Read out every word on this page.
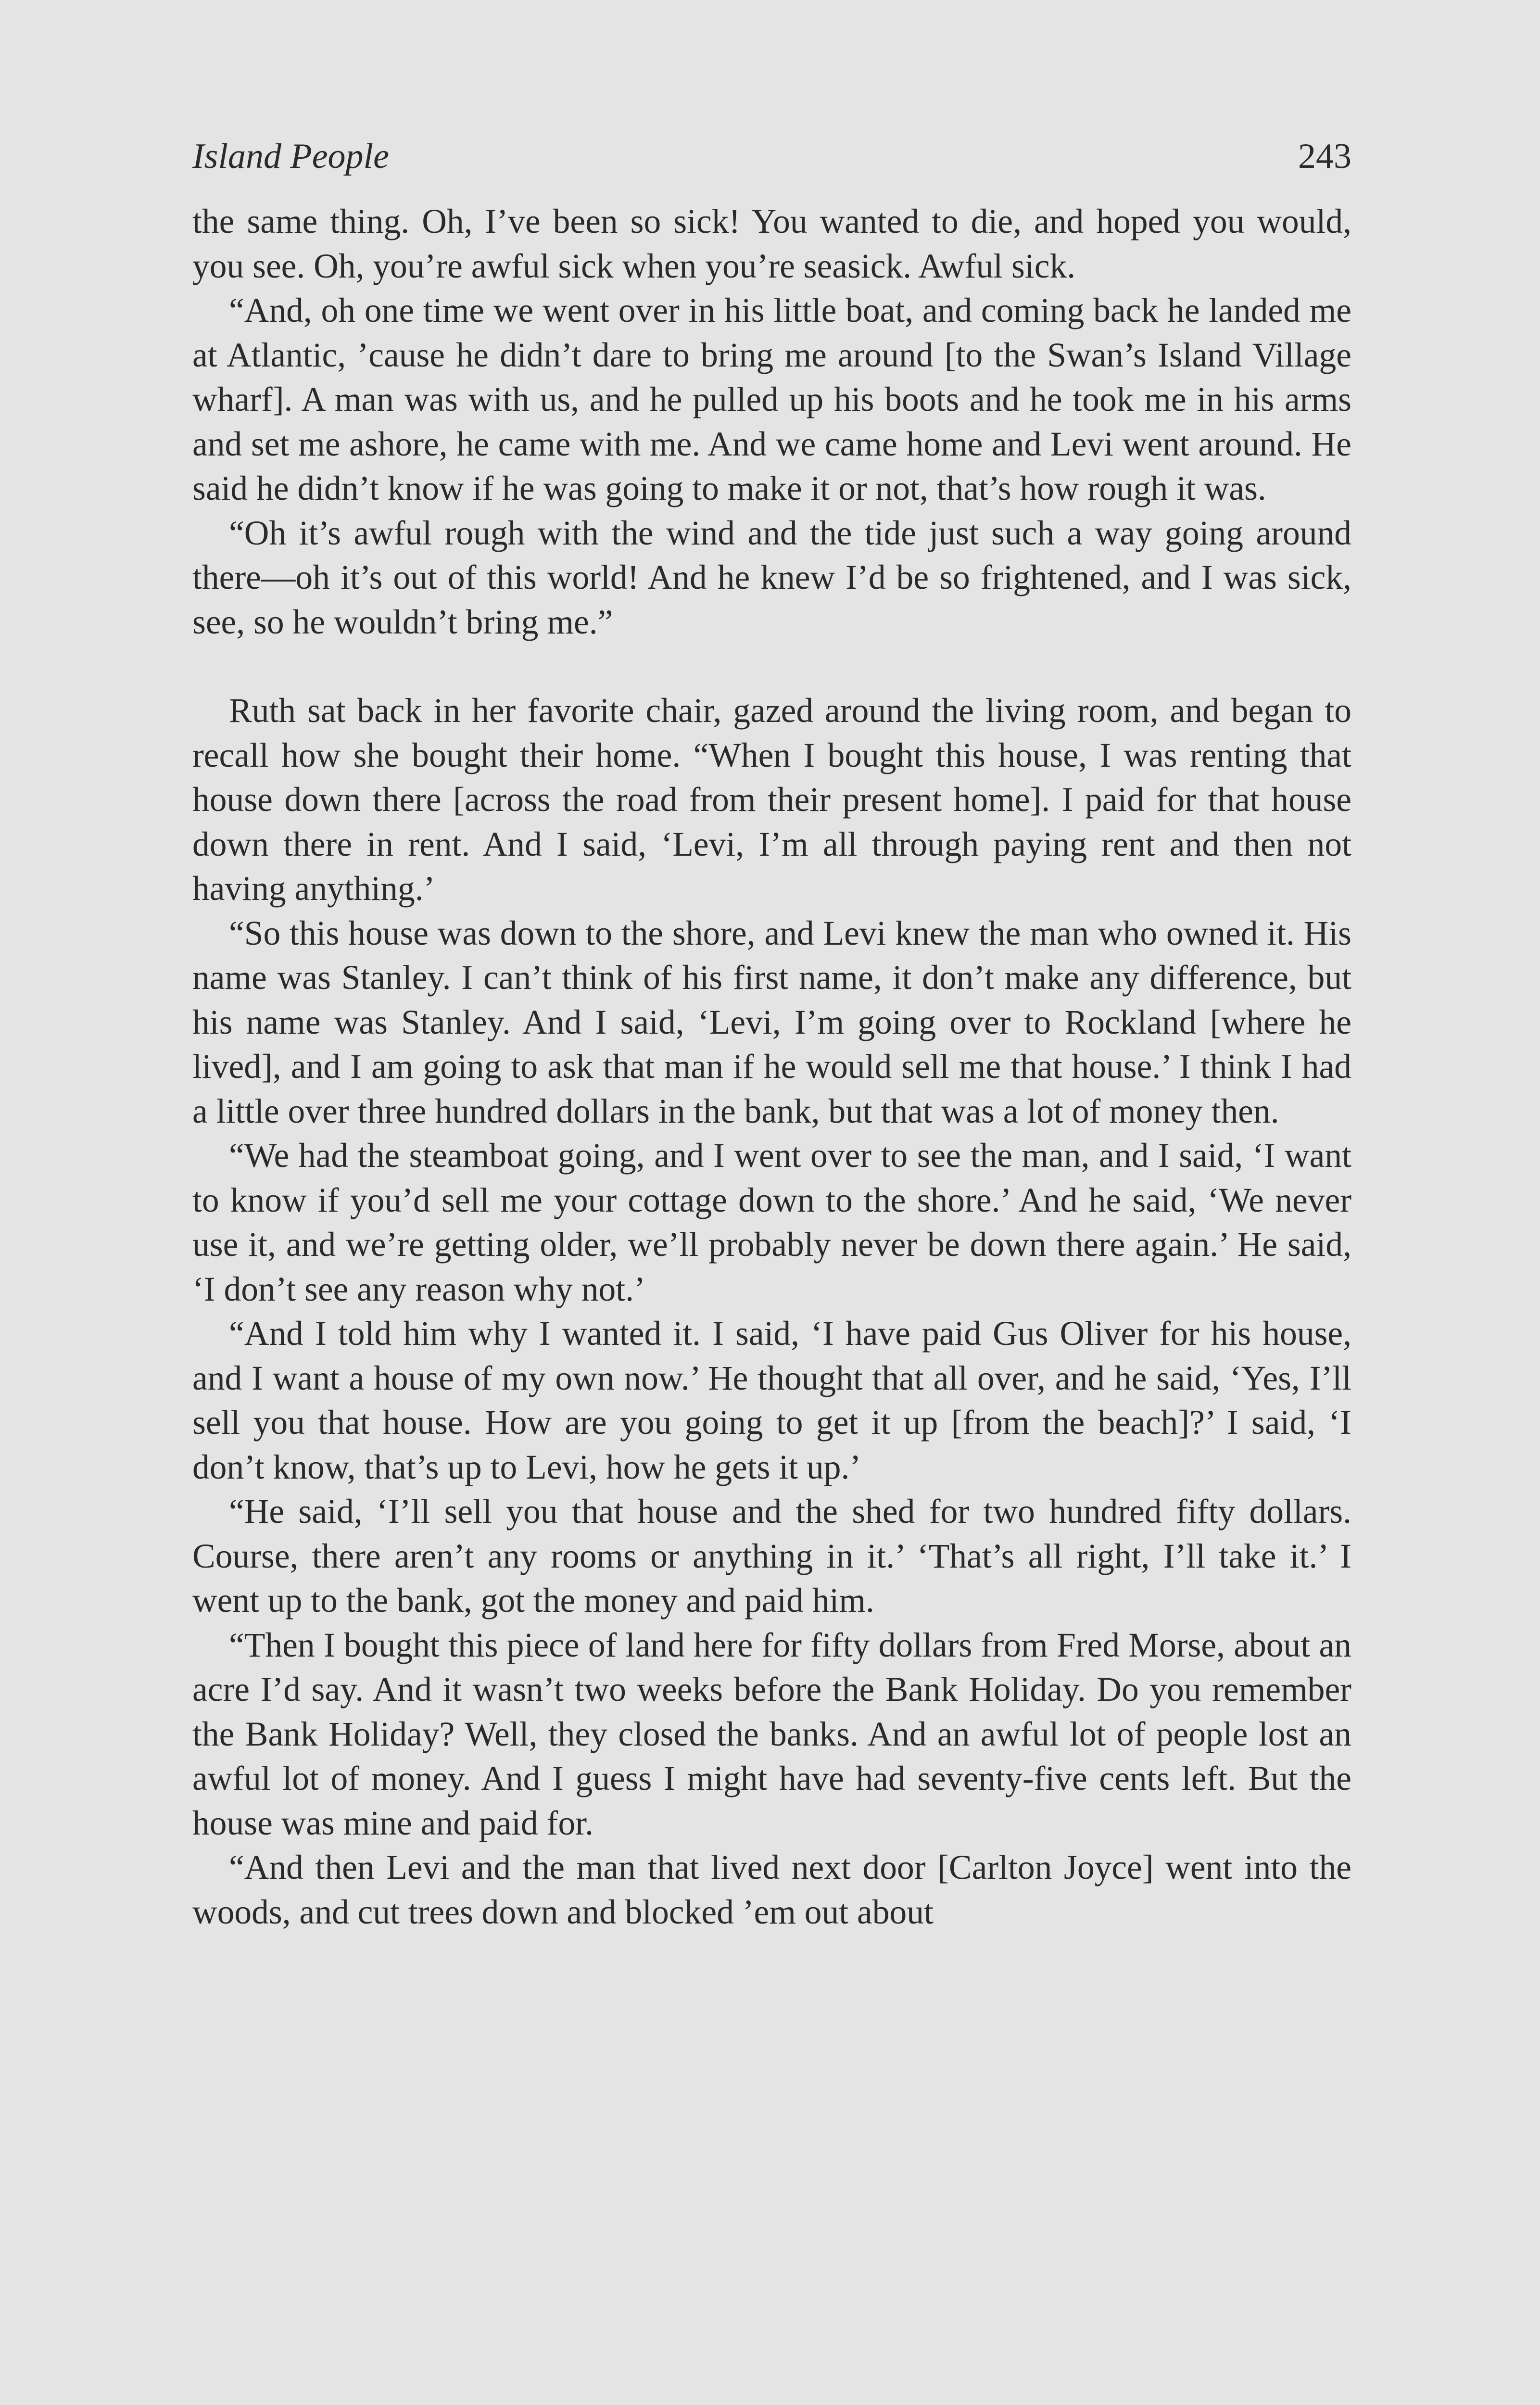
Island People	243

the same thing. Oh, I’ve been so sick! You wanted to die, and hoped you would, you see. Oh, you’re awful sick when you’re seasick. Awful sick.

“And, oh one time we went over in his little boat, and coming back he landed me at Atlantic, ’cause he didn’t dare to bring me around [to the Swan’s Island Village wharf]. A man was with us, and he pulled up his boots and he took me in his arms and set me ashore, he came with me. And we came home and Levi went around. He said he didn’t know if he was going to make it or not, that’s how rough it was.

“Oh it’s awful rough with the wind and the tide just such a way going around there—oh it’s out of this world! And he knew I’d be so frightened, and I was sick, see, so he wouldn’t bring me.”

Ruth sat back in her favorite chair, gazed around the living room, and began to recall how she bought their home. “When I bought this house, I was renting that house down there [across the road from their present home]. I paid for that house down there in rent. And I said, ‘Levi, I’m all through paying rent and then not having anything.’

“So this house was down to the shore, and Levi knew the man who owned it. His name was Stanley. I can’t think of his first name, it don’t make any difference, but his name was Stanley. And I said, ‘Levi, I’m going over to Rockland [where he lived], and I am going to ask that man if he would sell me that house.’ I think I had a little over three hundred dollars in the bank, but that was a lot of money then.

“We had the steamboat going, and I went over to see the man, and I said, ‘I want to know if you’d sell me your cottage down to the shore.’ And he said, ‘We never use it, and we’re getting older, we’ll probably never be down there again.’ He said, ‘I don’t see any reason why not.’

“And I told him why I wanted it. I said, ‘I have paid Gus Oliver for his house, and I want a house of my own now.’ He thought that all over, and he said, ‘Yes, I’ll sell you that house. How are you going to get it up [from the beach]?’ I said, ‘I don’t know, that’s up to Levi, how he gets it up.’

“He said, ‘I’ll sell you that house and the shed for two hundred fifty dollars. Course, there aren’t any rooms or anything in it.’ ‘That’s all right, I’ll take it.’ I went up to the bank, got the money and paid him.

“Then I bought this piece of land here for fifty dollars from Fred Morse, about an acre I’d say. And it wasn’t two weeks before the Bank Holiday. Do you remember the Bank Holiday? Well, they closed the banks. And an awful lot of people lost an awful lot of money. And I guess I might have had seventy-five cents left. But the house was mine and paid for.

“And then Levi and the man that lived next door [Carlton Joyce] went into the woods, and cut trees down and blocked ’em out about
